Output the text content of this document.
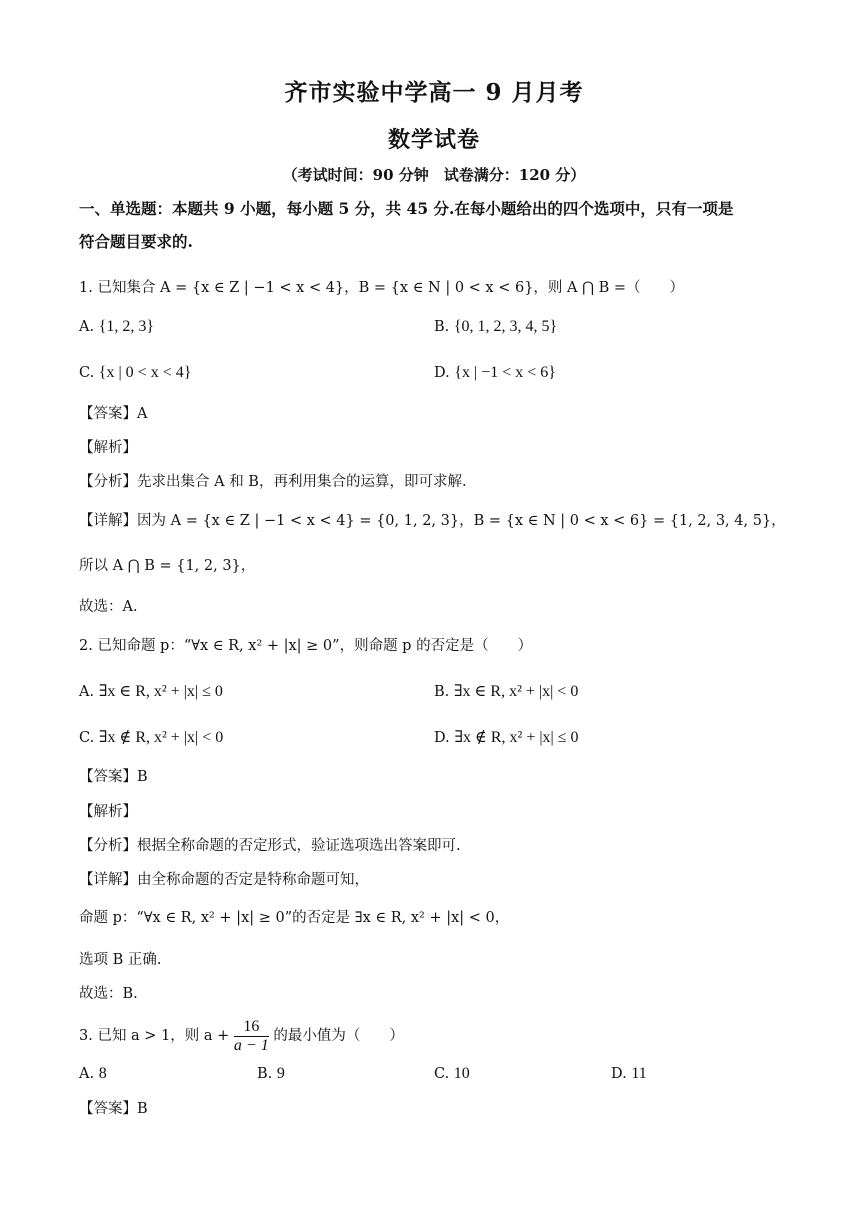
齐市实验中学高一 9 月月考
数学试卷
（考试时间：90 分钟　试卷满分：120 分）
一、单选题：本题共 9 小题，每小题 5 分，共 45 分.在每小题给出的四个选项中，只有一项是
符合题目要求的.
1. 已知集合 A = {x ∈ Z | −1 < x < 4}，B = {x ∈ N | 0 < x < 6}，则 A ⋂ B =（　　）
A. {1, 2, 3}	B. {0, 1, 2, 3, 4, 5}
C. {x | 0 < x < 4}	D. {x | −1 < x < 6}
【答案】A
【解析】
【分析】先求出集合 A 和 B，再利用集合的运算，即可求解.
【详解】因为 A = {x ∈ Z | −1 < x < 4} = {0, 1, 2, 3}，B = {x ∈ N | 0 < x < 6} = {1, 2, 3, 4, 5}，
所以 A ⋂ B = {1, 2, 3}，
故选：A.
2. 已知命题 p：“∀x ∈ R, x² + |x| ≥ 0”，则命题 p 的否定是（　　）
A. ∃x ∈ R, x² + |x| ≤ 0	B. ∃x ∈ R, x² + |x| < 0
C. ∃x ∉ R, x² + |x| < 0	D. ∃x ∉ R, x² + |x| ≤ 0
【答案】B
【解析】
【分析】根据全称命题的否定形式，验证选项选出答案即可.
【详解】由全称命题的否定是特称命题可知，
命题 p：“∀x ∈ R, x² + |x| ≥ 0”的否定是 ∃x ∈ R, x² + |x| < 0，
选项 B 正确.
故选：B.
3. 已知 a > 1，则 $a + \frac{16}{a - 1}$ 的最小值为（　　）
A. 8	B. 9	C. 10	D. 11
【答案】B
